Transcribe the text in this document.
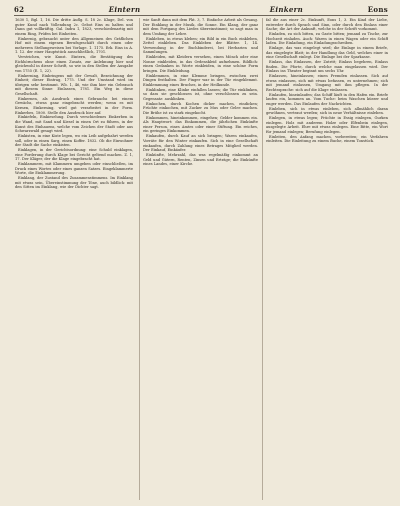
62	Eintern	Einkern	Eons

1630 1, Bgl. 1, 16. Die dritte Auflg. S. 18 2c. Kluge, Del. von guter Kund nach Vollendung 2c. Gebot Eins zu halten und Dann gut vollkräftig. Gal. Indra 1, 1823, verschiedenartig mit einem Ring, Prüfen bei Einheiten.

Einkernig, gebraucht unter den Allgemeinen des Gräflichen Hof mit einem eigenen Berufsgeschäft durch einen oder mehreren Stellungsweisen bei Vorlage. 1. 1175. Erk. Eins in A. 1. 12. der einer Hauptstück ausschließlich, 1701.

Verstrichen, wie Kunst. Eintern, die Bestätigung des Eichhörnchens ohne einen Zusatz, zur Anlehnung hier und gleichwohl in dieser Schrift, so wie in den Stellen der Ausgabe von 1755 (E. 1, 22).

Einkerning, Einbringens mit der Gewalt, Bezeichnung der Einheit; dieser Eintrag, 1775. Und der Umstand wird im übrigen sehr bestimmt. Wb. 1, 46, wie ihm hier ein Gebrauch mit diesem Sinne: Einlassen, 1781. Ein Weg in diese Gesellschaft.

Einkernen, als Ausdruck eines Gebrauchs bei einem Gewächs, etwas ganz eingebracht werden; wenn es mit Kernen, Einkerning, wird gut verarbeitet in der Form. Einkerbes, 1800. Stelle den Ausdruck hier auf.

Einkiefeln, Einkieselung. Durch verschiedenes Einkerben in die Wand, mit Sand und Kiesel in einen Ort zu führen, in der Kunst des Einhauens, welche vom Zeichen der Stadt oder aus Schwarzwald gesagt wird.

Einkisten, in eine Kiste legen, wo ein Leib aufgebahrt werden soll, oder in einen Sarg, einen Koffer. 1832. Ob die Einwohner der Stadt die Sache einkisten.

Einklagen, in der Gerichtsordnung: eine Schuld einklagen, eine Forderung durch Klage bei Gericht geltend machen. Z. 1, 17. Der Kläger, der die Klage eingebracht hat.

Einklammern, mit Klammern umgeben oder einschließen, im Druck eines Wortes oder eines ganzen Satzes. Eingeklammerte Worte, die Einklammerung.

Einklang, der Zustand des Zusammenstimmens. Im Einklang mit etwas sein, Übereinstimmung der Töne, auch bildlich: mit den Sitten im Einklang, wie der Dichter sagt.

wie Sanft dann mit dem Pkt. 3, 7. Einfache Arbeit als Gesang. Der Einklang in der Musik, die Sonne. Ein Klang, der ganz mit dem Fortgang des Liedes übereinstimmt; so sagt man in dem Umfang der Lehre.

Einkleben, in etwas kleben; ein Bild in ein Buch einkleben, Zettel einkleben. Das Einkleben der Blätter. 1, 14. Verwendung in der Buchbinderei, bei Herbarien und Sammlungen.

Einkleiden, mit Kleidern versehen, einen Mönch oder eine Nonne einkleiden, in das Ordenskleid aufnehmen. Bildlich: einen Gedanken in Worte einkleiden, in eine schöne Form bringen. Die Einkleidung.

Einklemmen, in eine Klemme bringen, zwischen zwei Dingen festhalten. Der Finger war in der Tür eingeklemmt. Einklemmung eines Bruches, in der Heilkunde.

Einklinken, eine Klinke einfallen lassen; die Tür einklinken, so dass sie geschlossen ist, ohne verschlossen zu sein. Gegensatz: ausklinken.

Einkochen, durch Kochen dicker machen, eindicken; Früchte einkochen, mit Zucker zu Mus oder Gelee machen. Die Brühe ist zu stark eingekocht.

Einkommen, hineinkommen, eingehen; Gelder kommen ein. Als Hauptwort: das Einkommen, die jährlichen Einkünfte einer Person, eines Amtes oder einer Stiftung. Ein reiches, ein geringes Einkommen.

Einkaufen, durch Kauf an sich bringen; Waren einkaufen, Vorräte für den Winter einkaufen. Sich in eine Gesellschaft einkaufen, durch Zahlung eines Betrages Mitglied werden. Der Einkauf, Einkäufer.

Einkünfte, Mehrzahl, das was regelmäßig einkommt an Geld und Gütern, Renten, Zinsen und Erträge; die Einkünfte eines Landes, einer Kirche.

fal die aus einer 2c. Einkunft, Eons 1, 3. Ein Kind der Liebe, entweder durch Sprach und Sinn, oder durch den Einlass einer Sache; die Art der Ankunft, welche in der Schrift vorkommt.

Einladen, zu sich bitten, zu Gaste bitten; jemand zu Tische, zur Hochzeit einladen. Auch: Waren in einen Wagen oder ein Schiff laden. Die Einladung, ein Einladungsschreiben.

Einlage, das was eingelegt wird; die Einlage in einem Briefe, das eingelegte Blatt; in der Handlung das Geld, welches einer in eine Gesellschaft einlegt. Die Einlage bei der Sparkasse.

Einlass, das Einlassen, der Zutritt; Einlass begehren, Einlass finden. Die Pforte, durch welche man eingelassen wird. Der Einlass ins Theater beginnt um sechs Uhr.

Einlassen, hineinlassen; einen Fremden einlassen. Sich auf etwas einlassen, sich mit etwas befassen, es unternehmen; sich mit jemand einlassen, Umgang mit ihm pflegen. In der Rechtssprache: sich auf die Klage einlassen.

Einlaufen, hineinlaufen; das Schiff läuft in den Hafen ein. Briefe laufen ein, kommen an. Vom Tuche: beim Waschen kürzer und enger werden. Das Einlaufen der Nachrichten.

Einleben, sich in etwas einleben, sich allmählich daran gewöhnen, vertraut werden; sich in neue Verhältnisse einleben.

Einlegen, in etwas legen; Früchte in Essig einlegen, Gurken einlegen. Holz mit anderem Holze oder Elfenbein einlegen, ausgelegte Arbeit. Ehre mit etwas einlegen. Eine Bitte, ein Wort für jemand einlegen; Berufung einlegen.

Einleiten, den Anfang machen, vorbereiten; ein Verfahren einleiten. Die Einleitung zu einem Buche, einem Tonstück.
